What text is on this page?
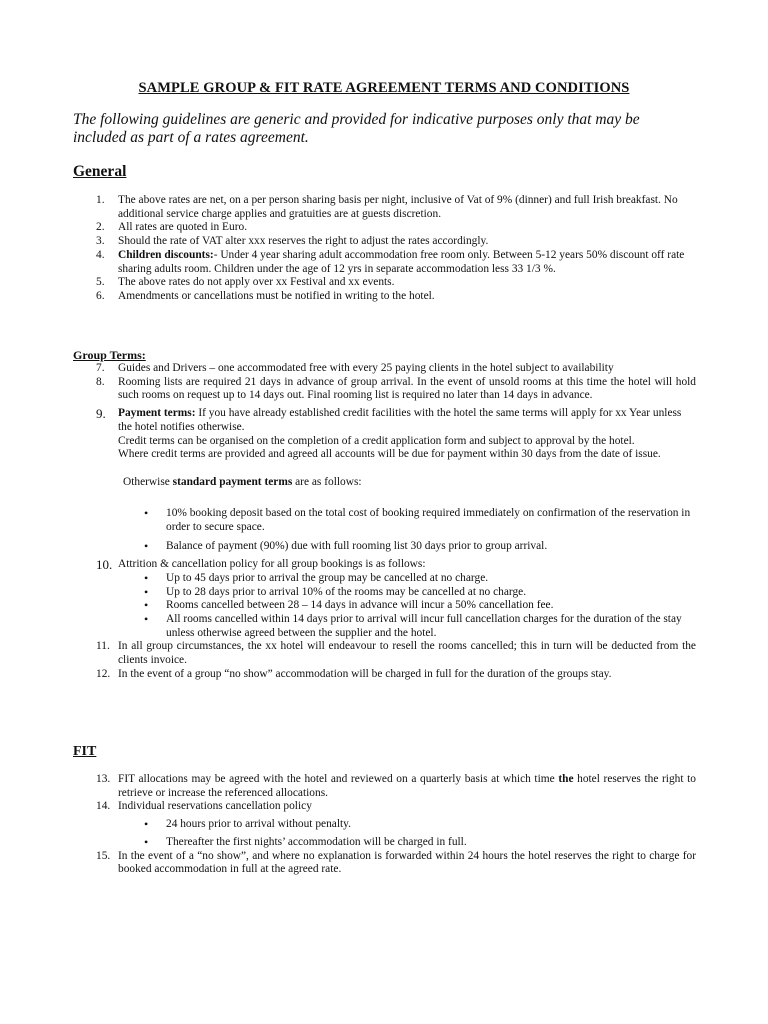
SAMPLE GROUP & FIT RATE AGREEMENT TERMS AND CONDITIONS
The following guidelines are generic and provided for indicative purposes only that may be included as part of a rates agreement.
General
1. The above rates are net, on a per person sharing basis per night, inclusive of Vat of 9% (dinner) and full Irish breakfast. No additional service charge applies and gratuities are at guests discretion.
2. All rates are quoted in Euro.
3. Should the rate of VAT alter xxx reserves the right to adjust the rates accordingly.
4. Children discounts:- Under 4 year sharing adult accommodation free room only. Between 5-12 years 50% discount off rate sharing adults room. Children under the age of 12 yrs in separate accommodation less 33 1/3 %.
5. The above rates do not apply over xx Festival and xx events.
6. Amendments or cancellations must be notified in writing to the hotel.
Group Terms:
7. Guides and Drivers – one accommodated free with every 25 paying clients in the hotel subject to availability
8. Rooming lists are required 21 days in advance of group arrival. In the event of unsold rooms at this time the hotel will hold such rooms on request up to 14 days out. Final rooming list is required no later than 14 days in advance.
9. Payment terms: If you have already established credit facilities with the hotel the same terms will apply for xx Year unless the hotel notifies otherwise.
Credit terms can be organised on the completion of a credit application form and subject to approval by the hotel.
Where credit terms are provided and agreed all accounts will be due for payment within 30 days from the date of issue.
Otherwise standard payment terms are as follows:
• 10% booking deposit based on the total cost of booking required immediately on confirmation of the reservation in order to secure space.
• Balance of payment (90%) due with full rooming list 30 days prior to group arrival.
10. Attrition & cancellation policy for all group bookings is as follows:
• Up to 45 days prior to arrival the group may be cancelled at no charge.
• Up to 28 days prior to arrival 10% of the rooms may be cancelled at no charge.
• Rooms cancelled between 28 – 14 days in advance will incur a 50% cancellation fee.
• All rooms cancelled within 14 days prior to arrival will incur full cancellation charges for the duration of the stay unless otherwise agreed between the supplier and the hotel.
11. In all group circumstances, the xx hotel will endeavour to resell the rooms cancelled; this in turn will be deducted from the clients invoice.
12. In the event of a group “no show” accommodation will be charged in full for the duration of the groups stay.
FIT
13. FIT allocations may be agreed with the hotel and reviewed on a quarterly basis at which time the hotel reserves the right to retrieve or increase the referenced allocations.
14. Individual reservations cancellation policy
• 24 hours prior to arrival without penalty.
• Thereafter the first nights’ accommodation will be charged in full.
15. In the event of a “no show”, and where no explanation is forwarded within 24 hours the hotel reserves the right to charge for booked accommodation in full at the agreed rate.
